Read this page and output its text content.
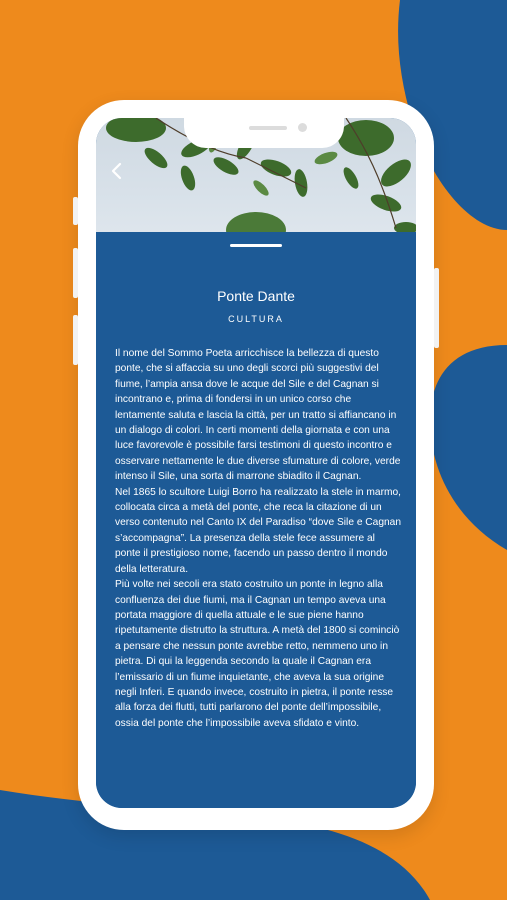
Ponte Dante
CULTURA

Il nome del Sommo Poeta arricchisce la bellezza di questo ponte, che si affaccia su uno degli scorci più suggestivi del fiume, l’ampia ansa dove le acque del Sile e del Cagnan si incontrano e, prima di fondersi in un unico corso che lentamente saluta e lascia la città, per un tratto si affiancano in un dialogo di colori. In certi momenti della giornata e con una luce favorevole è possibile farsi testimoni di questo incontro e osservare nettamente le due diverse sfumature di colore, verde intenso il Sile, una sorta di marrone sbiadito il Cagnan.

Nel 1865 lo scultore Luigi Borro ha realizzato la stele in marmo, collocata circa a metà del ponte, che reca la citazione di un verso contenuto nel Canto IX del Paradiso “dove Sile e Cagnan s’accompagna”. La presenza della stele fece assumere al ponte il prestigioso nome, facendo un passo dentro il mondo della letteratura.

Più volte nei secoli era stato costruito un ponte in legno alla confluenza dei due fiumi, ma il Cagnan un tempo aveva una portata maggiore di quella attuale e le sue piene hanno ripetutamente distrutto la struttura. A metà del 1800 si cominciò a pensare che nessun ponte avrebbe retto, nemmeno uno in pietra. Di qui la leggenda secondo la quale il Cagnan era l’emissario di un fiume inquietante, che aveva la sua origine negli Inferi. E quando invece, costruito in pietra, il ponte resse alla forza dei flutti, tutti parlarono del ponte dell’impossibile, ossia del ponte che l’impossibile aveva sfidato e vinto.
